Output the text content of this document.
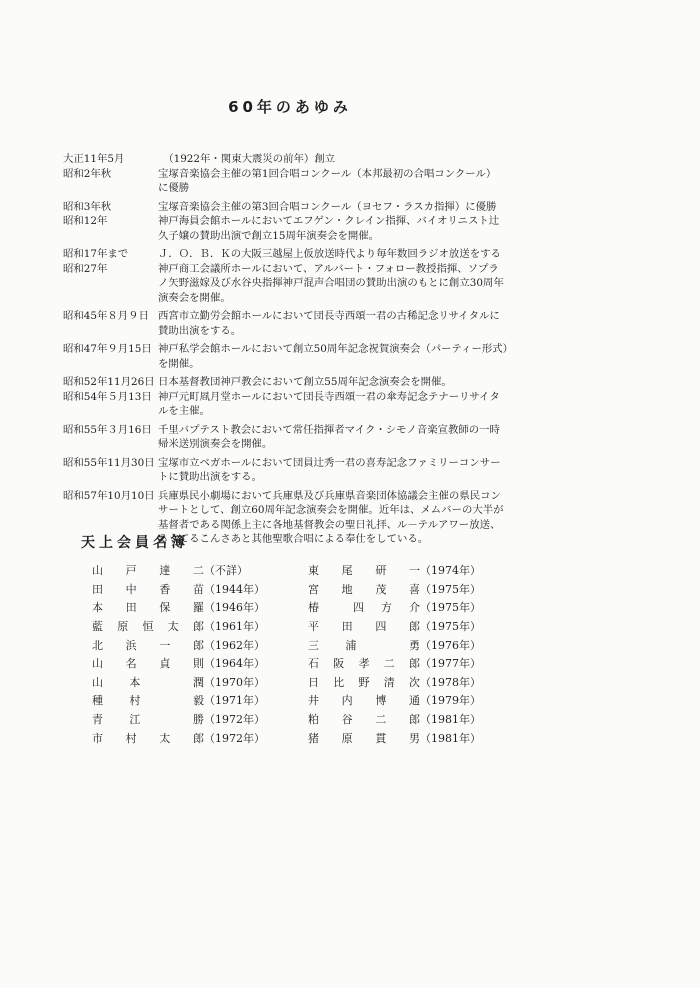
60年のあゆみ
大正11年5月	　（1922年・関東大震災の前年）創立
昭和2年秋	宝塚音楽協会主催の第1回合唱コンクール（本邦最初の合唱コンクール）
に優勝
昭和3年秋	宝塚音楽協会主催の第3回合唱コンクール（ヨセフ・ラスカ指揮）に優勝
昭和12年	神戸海員会館ホールにおいてエフゲン・クレイン指揮、バイオリニスト辻
久子嬢の賛助出演で創立15周年演奏会を開催。
昭和17年まで	Ｊ．Ｏ．Ｂ．Ｋの大阪三越屋上仮放送時代より毎年数回ラジオ放送をする
昭和27年	神戸商工会議所ホールにおいて、アルバート・フォロー教授指揮、ソプラ
ノ矢野滋嫁及び水谷央指揮神戸混声合唱団の賛助出演のもとに創立30周年
演奏会を開催。
昭和45年８月９日 西宮市立勤労会館ホールにおいて団長寺西頌一君の古稀記念リサイタルに
賛助出演をする。
昭和47年９月15日 神戸私学会館ホールにおいて創立50周年記念祝賀演奏会（パーティー形式）
を開催。
昭和52年11月26日 日本基督教団神戸教会において創立55周年記念演奏会を開催。
昭和54年５月13日 神戸元町凮月堂ホールにおいて団長寺西頌一君の傘寿記念テナーリサイタ
ルを主催。
昭和55年３月16日 千里バプテスト教会において常任指揮者マイク・シモノ音楽宣教師の一時
帰米送別演奏会を開催。
昭和55年11月30日 宝塚市立ベガホールにおいて団員辻秀一君の喜寿記念ファミリーコンサー
トに賛助出演をする。
昭和57年10月10日 兵庫県民小劇場において兵庫県及び兵庫県音楽団体協議会主催の県民コン
サートとして、創立60周年記念演奏会を開催。近年は、メムバーの大半が
基督者である関係上主に各地基督教会の聖日礼拝、ル－テルアワー放送、
るうてるこんさあと其他聖歌合唱による奉仕をしている。
天上会員名簿
山 戸 達 二 （不詳）
田 中 香 苗 （1944年）
本 田 保 羅 （1946年）
藍 原 恒 太 郎 （1961年）
北 浜 一 郎 （1962年）
山 名 貞 則 （1964年）
山 本	潤 （1970年）
種 村	毅 （1971年）
青 江	勝 （1972年）
市 村 太 郎 （1972年）
東 尾 研 一 （1974年）
宮 地 茂 喜 （1975年）
椿	四 方 介 （1975年）
平 田 四 郎 （1975年）
三 浦	勇 （1976年）
石 阪 孝 二 郎 （1977年）
日 比 野 清 次 （1978年）
井 内 博 通 （1979年）
粕 谷 二 郎 （1981年）
猪 原 貫 男 （1981年）
